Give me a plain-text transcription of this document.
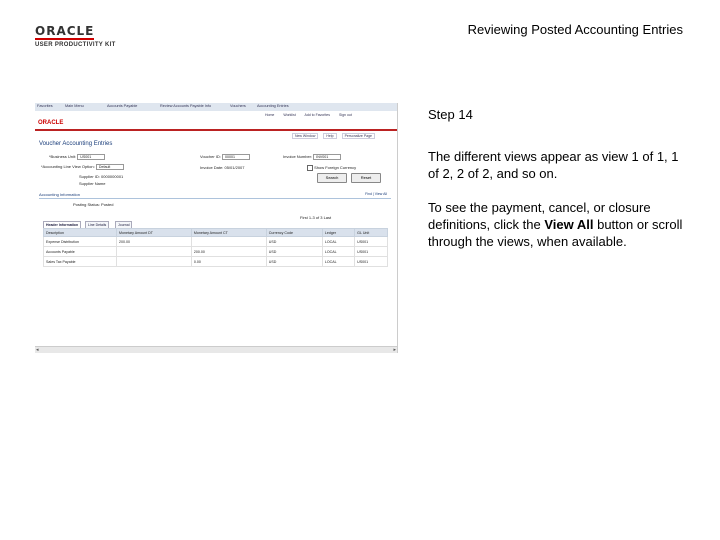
ORACLE
USER PRODUCTIVITY KIT
Reviewing Posted Accounting Entries
Favorites	Main Menu	Accounts Payable	Review Accounts Payable Info	Vouchers	Accounting Entries
Home	Worklist	Add to Favorites	Sign out
ORACLE
New Window	Help	Personalize Page
Voucher Accounting Entries
*Business Unit: US001	Voucher ID: 00001	Invoice Number: INV001
*Accounting Line View Option: Default	Invoice Date: 05/01/2007	Show Foreign Currency
Supplier ID: 0000000001
Supplier Name
Search	Reset
Accounting Information	Find | View All
Posting Status: Posted
First 1-3 of 3 Last
Header Information	Line Details	Journal
Description	Monetary Amount DT	Monetary Amount CT	Currency Code	Ledger	GL Unit
Expense Distribution	200.00		USD	LOCAL	US001
Accounts Payable		200.00	USD	LOCAL	US001
Sales Tax Payable		0.00	USD	LOCAL	US001
◂	▸
Step 14
The different views appear as view 1 of 1, 1 of 2, 2 of 2, and so on.
To see the payment, cancel, or closure definitions, click the View All button or scroll through the views, when available.
